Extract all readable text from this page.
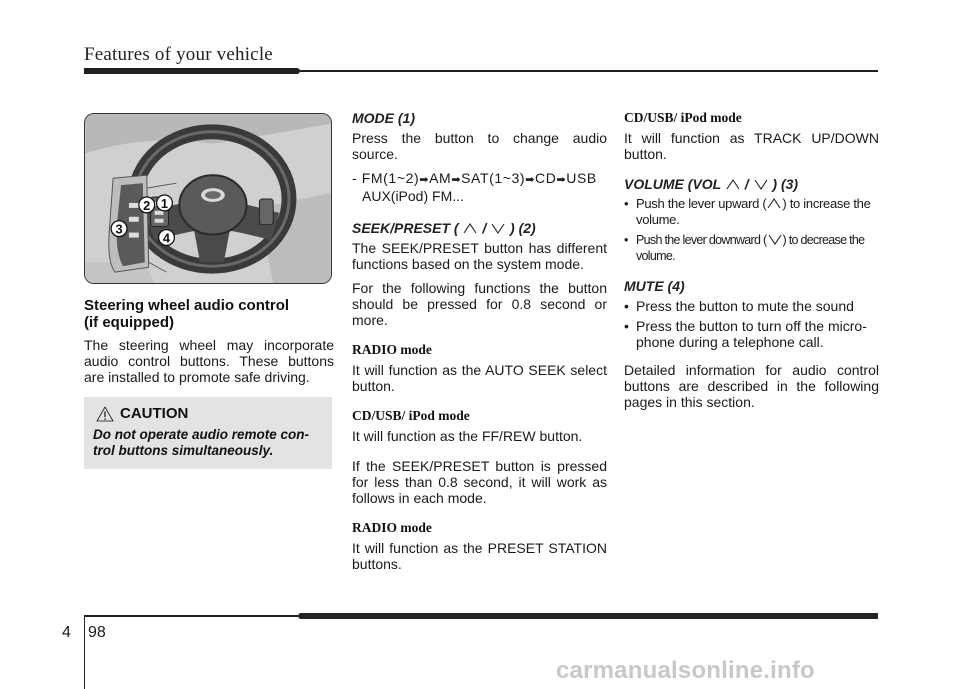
Features of your vehicle
1
2
3
4
Steering wheel audio control
(if equipped)
The steering wheel may incorporate audio control buttons. These buttons are installed to promote safe driving.
CAUTION
Do not operate audio remote con-trol buttons simultaneously.
MODE (1)

Press the button to change audio source.

- FM(1~2)➡AM➡SAT(1~3)➡CD➡USB
AUX(iPod) FM...
SEEK/PRESET ( / ) (2)

The SEEK/PRESET button has different functions based on the system mode.

For the following functions the button should be pressed for 0.8 second or more.

RADIO mode

It will function as the AUTO SEEK select button.

CD/USB/ iPod mode

It will function as the FF/REW button.

If the SEEK/PRESET button is pressed for less than 0.8 second, it will work as follows in each mode.

RADIO mode

It will function as the PRESET STATION buttons.

CD/USB/ iPod mode

It will function as TRACK UP/DOWN button.

VOLUME (VOL / ) (3)
• Push the lever upward ( ) to increase the volume.
• Push the lever downward ( ) to decrease the volume.
MUTE (4)
• Press the button to mute the sound
• Press the button to turn off the micro-phone during a telephone call.

Detailed information for audio control buttons are described in the following pages in this section.

4 98
carmanualsonline.info
